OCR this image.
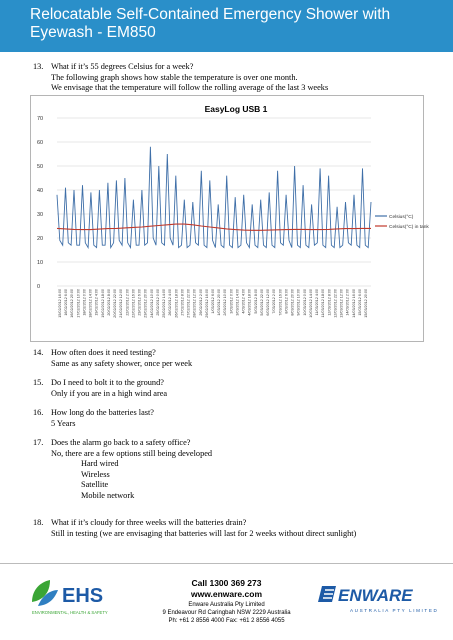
Relocatable Self-Contained Emergency Shower with Eyewash - EM850
13. What if it’s 55 degrees Celsius for a week?
The following graph shows how stable the temperature is over one month.
We envisage that the temperature will follow the rolling average of the last 3 weeks
EasyLog USB 1
0
10
20
30
40
50
60
70
15/02/2012 16:00 16/02/2012 6:00 16/02/2012 20:00 17/02/2012 10:00 18/02/2012 0:00 18/02/2012 14:00 19/02/2012 4:00 19/02/2012 18:00 20/02/2012 8:00 20/02/2012 22:00 21/02/2012 12:00 22/02/2012 2:00 22/02/2012 16:00 23/02/2012 6:00 23/02/2012 20:00 24/02/2012 10:00 25/02/2012 0:00 25/02/2012 14:00 26/02/2012 4:00 26/02/2012 18:00 27/02/2012 8:00 27/02/2012 22:00 28/02/2012 12:00 29/02/2012 2:00 29/02/2012 16:00 1/03/2012 6:00 1/03/2012 20:00 2/03/2012 10:00 3/03/2012 0:00 3/03/2012 14:00 4/03/2012 4:00 4/03/2012 18:00 5/03/2012 8:00 5/03/2012 22:00 6/03/2012 12:00 7/03/2012 2:00 7/03/2012 16:00 8/03/2012 6:00 8/03/2012 20:00 9/03/2012 10:00 10/03/2012 0:00 10/03/2012 14:00 11/03/2012 4:00 11/03/2012 18:00 12/03/2012 8:00 12/03/2012 22:00 13/03/2012 12:00 14/03/2012 2:00 14/03/2012 16:00 15/03/2012 6:00 15/03/2012 20:00
Celsius(°C)
Celsius(°C) in tank
14. How often does it need testing?
Same as any safety shower, once per week
15. Do I need to bolt it to the ground?
Only if you are in a high wind area
16. How long do the batteries last?
5 Years
17. Does the alarm go back to a safety office?
No, there are a few options still being developed
Hard wired
Wireless
Satellite
Mobile network
18. What if it’s cloudy for three weeks will the batteries drain?
Still in testing (we are envisaging that batteries will last for 2 weeks without direct sunlight)
EHS
ENVIRONMENTAL, HEALTH & SAFETY
Call 1300 369 273
www.enware.com
Enware Australia Pty Limited
9 Endeavour Rd Caringbah NSW 2229 Australia
Ph: +61 2 8556 4000 Fax: +61 2 8556 4055
ENWARE
AUSTRALIA PTY LIMITED
